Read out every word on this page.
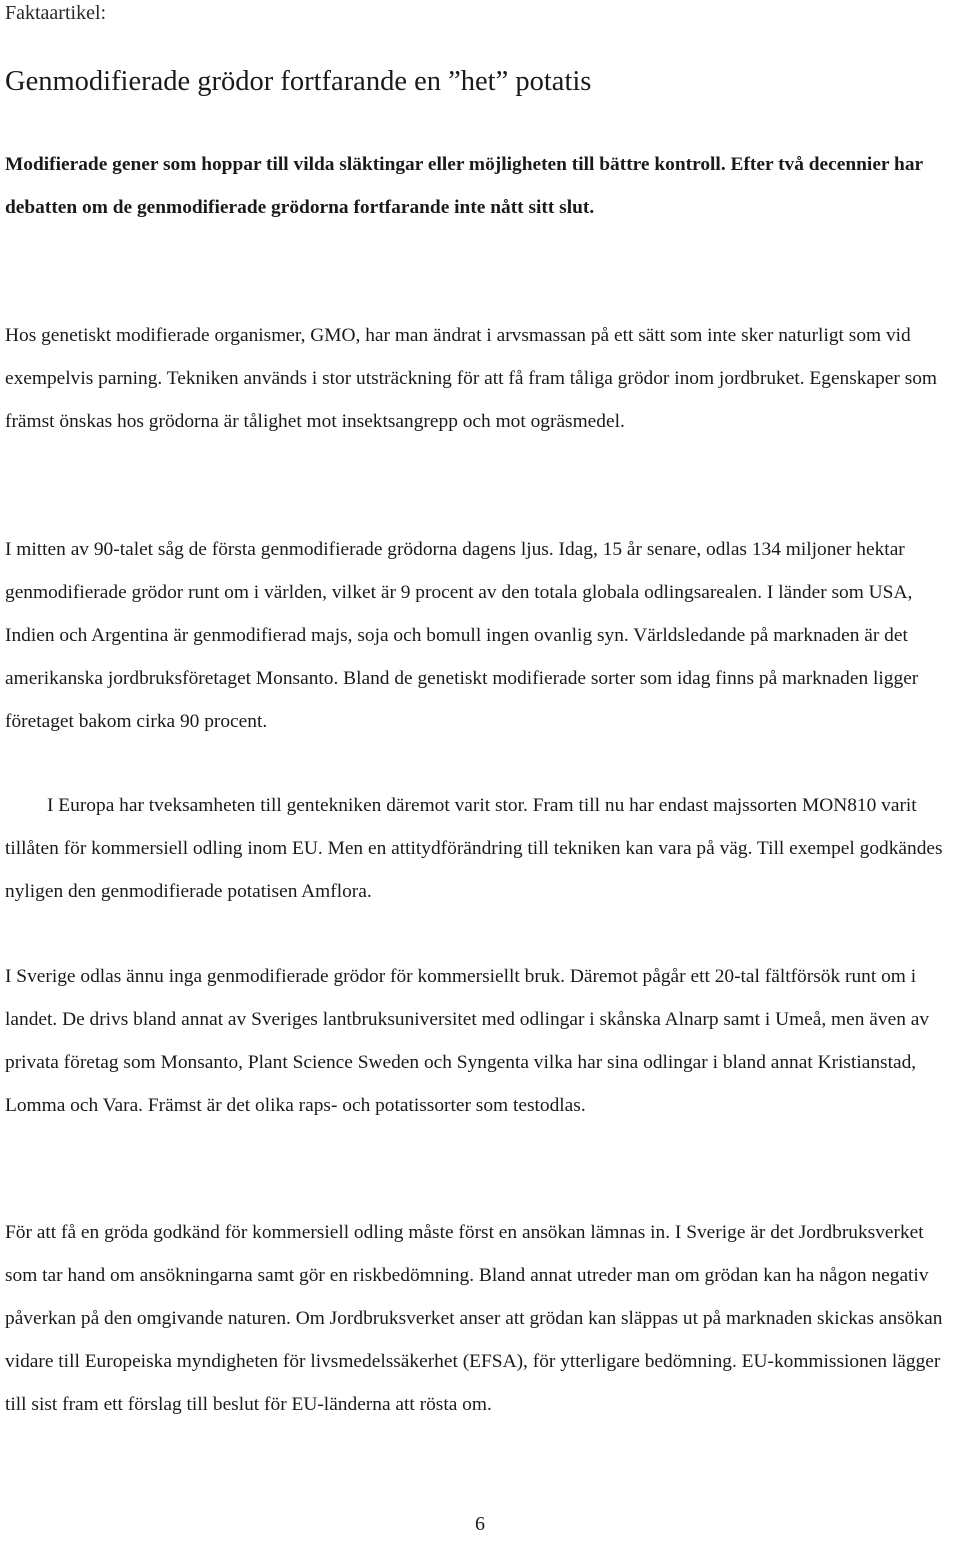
Faktaartikel:
Genmodifierade grödor fortfarande en ”het” potatis

Modifierade gener som hoppar till vilda släktingar eller möjligheten till bättre kontroll. Efter två decennier har debatten om de genmodifierade grödorna fortfarande inte nått sitt slut.

Hos genetiskt modifierade organismer, GMO, har man ändrat i arvsmassan på ett sätt som inte sker naturligt som vid exempelvis parning. Tekniken används i stor utsträckning för att få fram tåliga grödor inom jordbruket. Egenskaper som främst önskas hos grödorna är tålighet mot insektsangrepp och mot ogräsmedel.

I mitten av 90-talet såg de första genmodifierade grödorna dagens ljus. Idag, 15 år senare, odlas 134 miljoner hektar genmodifierade grödor runt om i världen, vilket är 9 procent av den totala globala odlingsarealen. I länder som USA, Indien och Argentina är genmodifierad majs, soja och bomull ingen ovanlig syn. Världsledande på marknaden är det amerikanska jordbruksföretaget Monsanto. Bland de genetiskt modifierade sorter som idag finns på marknaden ligger företaget bakom cirka 90 procent.

I Europa har tveksamheten till gentekniken däremot varit stor. Fram till nu har endast majssorten MON810 varit tillåten för kommersiell odling inom EU. Men en attitydförändring till tekniken kan vara på väg. Till exempel godkändes nyligen den genmodifierade potatisen Amflora.

I Sverige odlas ännu inga genmodifierade grödor för kommersiellt bruk. Däremot pågår ett 20-tal fältförsök runt om i landet. De drivs bland annat av Sveriges lantbruksuniversitet med odlingar i skånska Alnarp samt i Umeå, men även av privata företag som Monsanto, Plant Science Sweden och Syngenta vilka har sina odlingar i bland annat Kristianstad, Lomma och Vara. Främst är det olika raps- och potatissorter som testodlas.

För att få en gröda godkänd för kommersiell odling måste först en ansökan lämnas in. I Sverige är det Jordbruksverket som tar hand om ansökningarna samt gör en riskbedömning. Bland annat utreder man om grödan kan ha någon negativ påverkan på den omgivande naturen. Om Jordbruksverket anser att grödan kan släppas ut på marknaden skickas ansökan vidare till Europeiska myndigheten för livsmedelssäkerhet (EFSA), för ytterligare bedömning. EU-kommissionen lägger till sist fram ett förslag till beslut för EU-länderna att rösta om.

6
